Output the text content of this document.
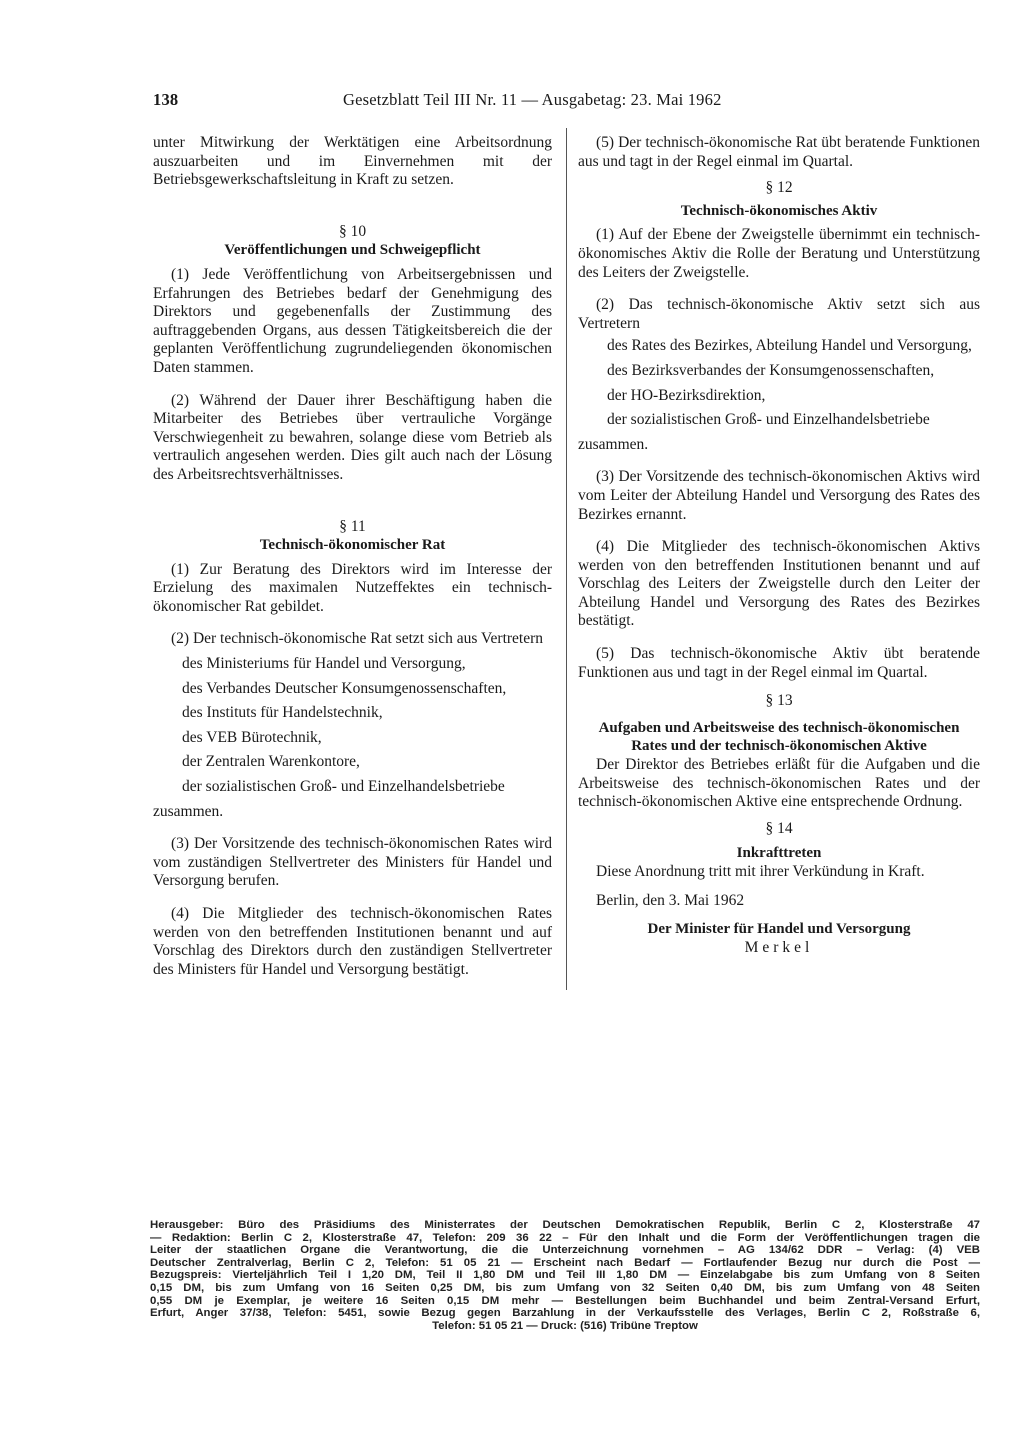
138	Gesetzblatt Teil III Nr. 11 — Ausgabetag: 23. Mai 1962

unter Mitwirkung der Werktätigen eine Arbeitsordnung auszuarbeiten und im Einvernehmen mit der Betriebsgewerkschaftsleitung in Kraft zu setzen.

§ 10

Veröffentlichungen und Schweigepflicht

(1) Jede Veröffentlichung von Arbeitsergebnissen und Erfahrungen des Betriebes bedarf der Genehmigung des Direktors und gegebenenfalls der Zustimmung des auftraggebenden Organs, aus dessen Tätigkeitsbereich die der geplanten Veröffentlichung zugrundeliegenden ökonomischen Daten stammen.

(2) Während der Dauer ihrer Beschäftigung haben die Mitarbeiter des Betriebes über vertrauliche Vorgänge Verschwiegenheit zu bewahren, solange diese vom Betrieb als vertraulich angesehen werden. Dies gilt auch nach der Lösung des Arbeitsrechtsverhältnisses.

§ 11

Technisch-ökonomischer Rat

(1) Zur Beratung des Direktors wird im Interesse der Erzielung des maximalen Nutzeffektes ein technisch-ökonomischer Rat gebildet.

(2) Der technisch-ökonomische Rat setzt sich aus Vertretern

des Ministeriums für Handel und Versorgung,

des Verbandes Deutscher Konsumgenossenschaften,

des Instituts für Handelstechnik,

des VEB Bürotechnik,

der Zentralen Warenkontore,

der sozialistischen Groß- und Einzelhandelsbetriebe

zusammen.

(3) Der Vorsitzende des technisch-ökonomischen Rates wird vom zuständigen Stellvertreter des Ministers für Handel und Versorgung berufen.

(4) Die Mitglieder des technisch-ökonomischen Rates werden von den betreffenden Institutionen benannt und auf Vorschlag des Direktors durch den zuständigen Stellvertreter des Ministers für Handel und Versorgung bestätigt.

(5) Der technisch-ökonomische Rat übt beratende Funktionen aus und tagt in der Regel einmal im Quartal.

§ 12

Technisch-ökonomisches Aktiv

(1) Auf der Ebene der Zweigstelle übernimmt ein technisch-ökonomisches Aktiv die Rolle der Beratung und Unterstützung des Leiters der Zweigstelle.

(2) Das technisch-ökonomische Aktiv setzt sich aus Vertretern

des Rates des Bezirkes, Abteilung Handel und Versorgung,

des Bezirksverbandes der Konsumgenossenschaften,

der HO-Bezirksdirektion,

der sozialistischen Groß- und Einzelhandelsbetriebe

zusammen.

(3) Der Vorsitzende des technisch-ökonomischen Aktivs wird vom Leiter der Abteilung Handel und Versorgung des Rates des Bezirkes ernannt.

(4) Die Mitglieder des technisch-ökonomischen Aktivs werden von den betreffenden Institutionen benannt und auf Vorschlag des Leiters der Zweigstelle durch den Leiter der Abteilung Handel und Versorgung des Rates des Bezirkes bestätigt.

(5) Das technisch-ökonomische Aktiv übt beratende Funktionen aus und tagt in der Regel einmal im Quartal.

§ 13

Aufgaben und Arbeitsweise des technisch-ökonomischen

Rates und der technisch-ökonomischen Aktive

Der Direktor des Betriebes erläßt für die Aufgaben und die Arbeitsweise des technisch-ökonomischen Rates und der technisch-ökonomischen Aktive eine entsprechende Ordnung.

§ 14

Inkrafttreten

Diese Anordnung tritt mit ihrer Verkündung in Kraft.

Berlin, den 3. Mai 1962

Der Minister für Handel und Versorgung

Merkel

Herausgeber: Büro des Präsidiums des Ministerrates der Deutschen Demokratischen Republik, Berlin C 2, Klosterstraße 47
— Redaktion: Berlin C 2, Klosterstraße 47, Telefon: 209 36 22 – Für den Inhalt und die Form der Veröffentlichungen tragen die
Leiter der staatlichen Organe die Verantwortung, die die Unterzeichnung vornehmen – AG 134/62 DDR – Verlag: (4) VEB
Deutscher Zentralverlag, Berlin C 2, Telefon: 51 05 21 — Erscheint nach Bedarf — Fortlaufender Bezug nur durch die Post —
Bezugspreis: Vierteljährlich Teil I 1,20 DM, Teil II 1,80 DM und Teil III 1,80 DM — Einzelabgabe bis zum Umfang von 8 Seiten
0,15 DM, bis zum Umfang von 16 Seiten 0,25 DM, bis zum Umfang von 32 Seiten 0,40 DM, bis zum Umfang von 48 Seiten
0,55 DM je Exemplar, je weitere 16 Seiten 0,15 DM mehr — Bestellungen beim Buchhandel und beim Zentral-Versand Erfurt,
Erfurt, Anger 37/38, Telefon: 5451, sowie Bezug gegen Barzahlung in der Verkaufsstelle des Verlages, Berlin C 2, Roßstraße 6,
Telefon: 51 05 21 — Druck: (516) Tribüne Treptow
